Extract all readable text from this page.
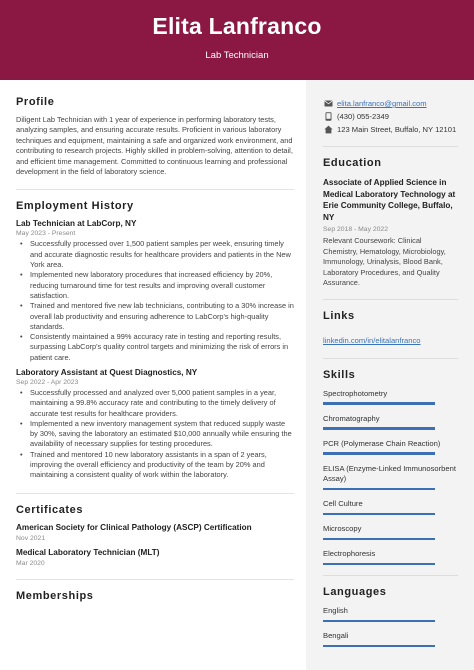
Elita Lanfranco
Lab Technician
Profile

Diligent Lab Technician with 1 year of experience in performing laboratory tests, analyzing samples, and ensuring accurate results. Proficient in various laboratory techniques and equipment, maintaining a safe and organized work environment, and contributing to research projects. Highly skilled in problem-solving, attention to detail, and efficient time management. Committed to continuous learning and professional development in the field of laboratory science.

Employment History
Lab Technician at LabCorp, NY
May 2023 - Present
• Successfully processed over 1,500 patient samples per week, ensuring timely and accurate diagnostic results for healthcare providers and patients in the New York area.
• Implemented new laboratory procedures that increased efficiency by 20%, reducing turnaround time for test results and improving overall customer satisfaction.
• Trained and mentored five new lab technicians, contributing to a 30% increase in overall lab productivity and ensuring adherence to LabCorp's high-quality standards.
• Consistently maintained a 99% accuracy rate in testing and reporting results, surpassing LabCorp's quality control targets and minimizing the risk of errors in patient care.
Laboratory Assistant at Quest Diagnostics, NY
Sep 2022 - Apr 2023
• Successfully processed and analyzed over 5,000 patient samples in a year, maintaining a 99.8% accuracy rate and contributing to the timely delivery of accurate test results for healthcare providers.
• Implemented a new inventory management system that reduced supply waste by 30%, saving the laboratory an estimated $10,000 annually while ensuring the availability of necessary supplies for testing procedures.
• Trained and mentored 10 new laboratory assistants in a span of 2 years, improving the overall efficiency and productivity of the team by 20% and maintaining a consistent quality of work within the laboratory.
Certificates
American Society for Clinical Pathology (ASCP) Certification
Nov 2021
Medical Laboratory Technician (MLT)
Mar 2020
Memberships
elita.lanfranco@gmail.com
(430) 055-2349
123 Main Street, Buffalo, NY 12101
Education
Associate of Applied Science in Medical Laboratory Technology at Erie Community College, Buffalo, NY
Sep 2018 - May 2022

Relevant Coursework: Clinical Chemistry, Hematology, Microbiology, Immunology, Urinalysis, Blood Bank, Laboratory Procedures, and Quality Assurance.

Links
linkedin.com/in/elitalanfranco
Skills
Spectrophotometry
Chromatography
PCR (Polymerase Chain Reaction)
ELISA (Enzyme-Linked Immunosorbent Assay)
Cell Culture
Microscopy
Electrophoresis
Languages
English
Bengali
